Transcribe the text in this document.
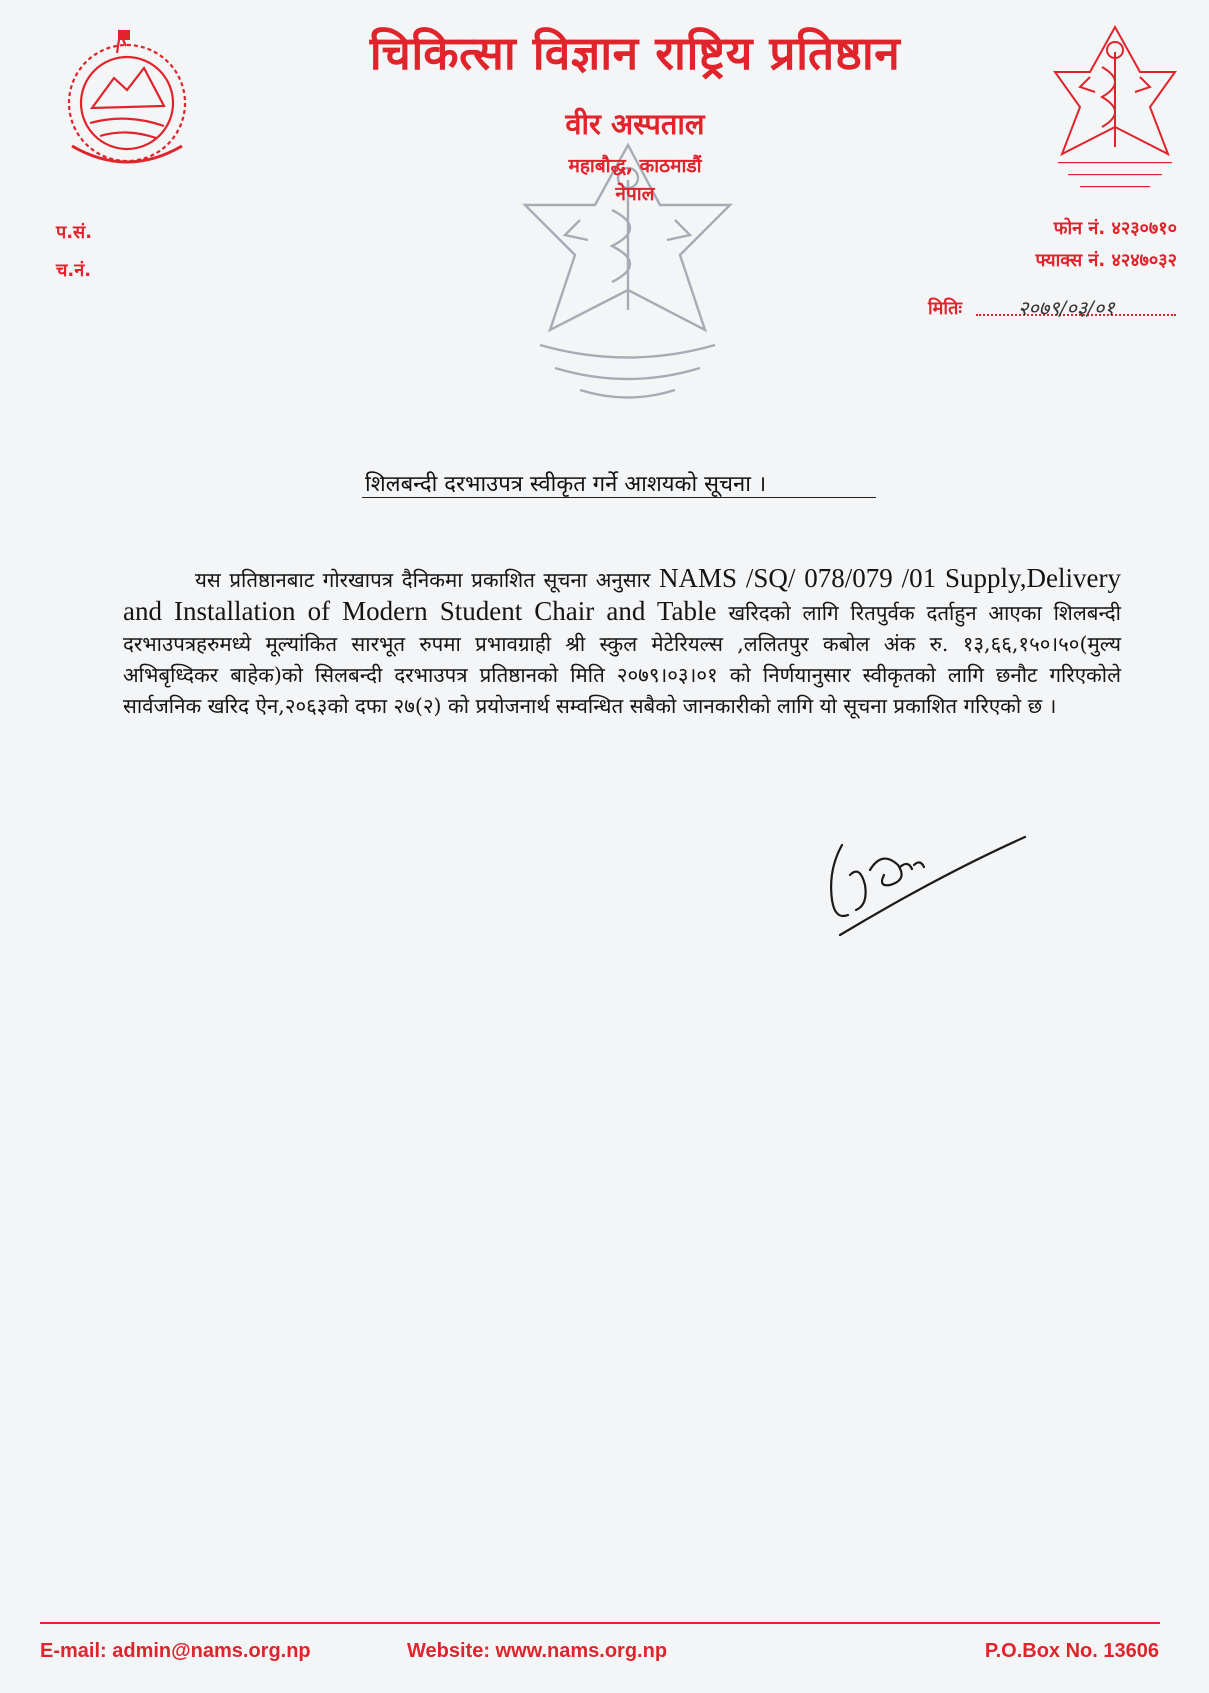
चिकित्सा विज्ञान राष्ट्रिय प्रतिष्ठान
वीर अस्पताल
महाबौद्ध, काठमाडौं
नेपाल
प.सं.
च.नं.
फोन नं. ४२३०७१०
फ्याक्स नं. ४२४७०३२
मितिः	२०७९/०३/०१
शिलबन्दी दरभाउपत्र स्वीकृत गर्ने आशयको सूचना ।
यस प्रतिष्ठानबाट गोरखापत्र दैनिकमा प्रकाशित सूचना अनुसार NAMS /SQ/ 078/079 /01 Supply,Delivery and Installation of Modern Student Chair and Table खरिदको लागि रितपुर्वक दर्ताहुन आएका शिलबन्दी दरभाउपत्रहरुमध्ये मूल्यांकित सारभूत रुपमा प्रभावग्राही श्री स्कुल मेटेरियल्स ,ललितपुर कबोल अंक रु. १३,६६,१५०।५०(मुल्य अभिबृध्दिकर बाहेक)को सिलबन्दी दरभाउपत्र प्रतिष्ठानको मिति २०७९।०३।०१ को निर्णयानुसार स्वीकृतको लागि छनौट गरिएकोले सार्वजनिक खरिद ऐन,२०६३को दफा २७(२) को प्रयोजनार्थ सम्वन्धित सबैको जानकारीको लागि यो सूचना प्रकाशित गरिएको छ ।
E-mail: admin@nams.org.np	Website: www.nams.org.np	P.O.Box No. 13606
